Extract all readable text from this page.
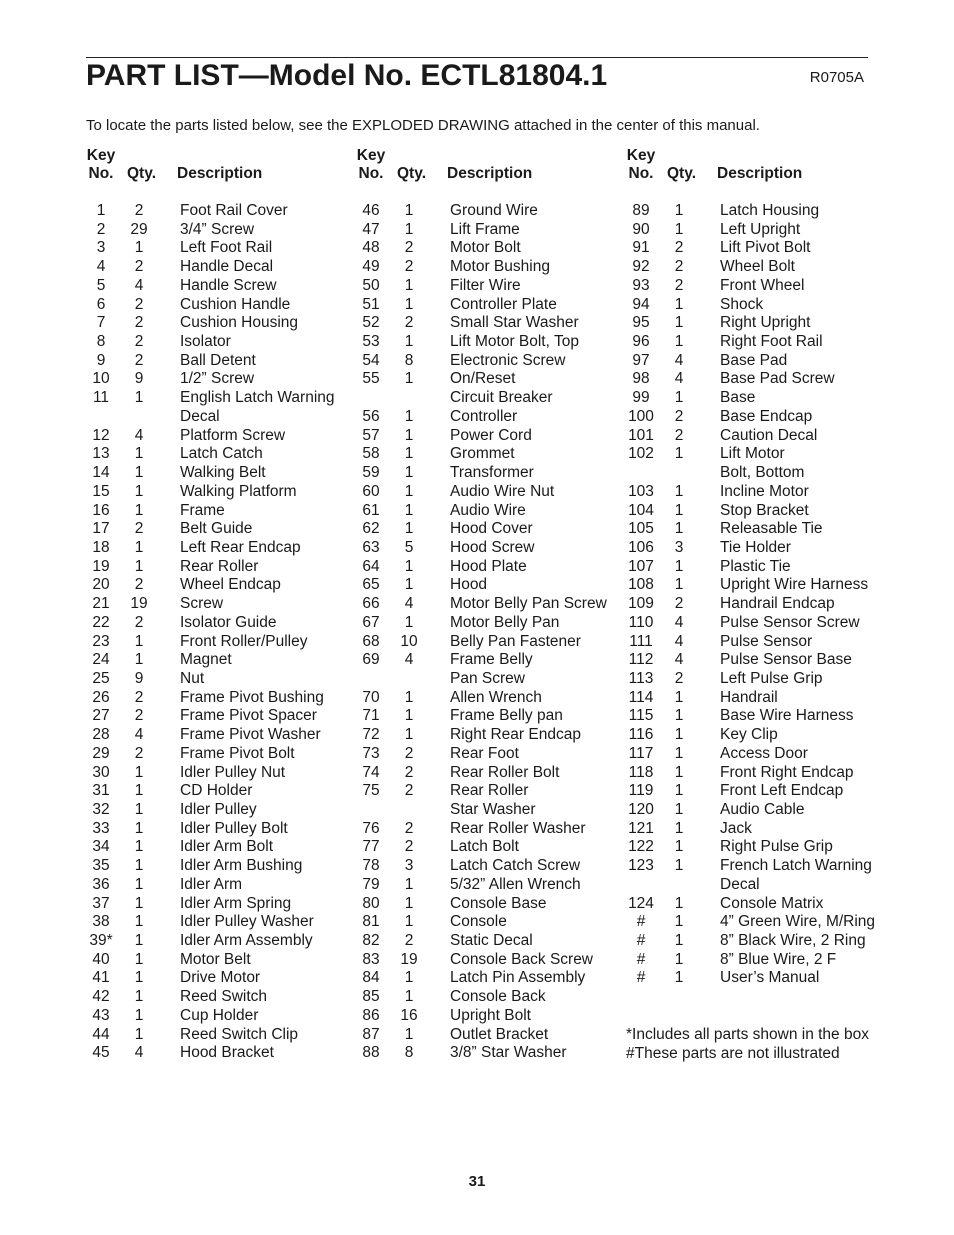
PART LIST—Model No. ECTL81804.1	R0705A
To locate the parts listed below, see the EXPLODED DRAWING attached in the center of this manual.
Key
No. Qty. Description
1	2	Foot Rail Cover
2	29	3/4” Screw
3	1	Left Foot Rail
4	2	Handle Decal
5	4	Handle Screw
6	2	Cushion Handle
7	2	Cushion Housing
8	2	Isolator
9	2	Ball Detent
10	9	1/2” Screw
11	1	English Latch Warning
Decal
12	4	Platform Screw
13	1	Latch Catch
14	1	Walking Belt
15	1	Walking Platform
16	1	Frame
17	2	Belt Guide
18	1	Left Rear Endcap
19	1	Rear Roller
20	2	Wheel Endcap
21	19	Screw
22	2	Isolator Guide
23	1	Front Roller/Pulley
24	1	Magnet
25	9	Nut
26	2	Frame Pivot Bushing
27	2	Frame Pivot Spacer
28	4	Frame Pivot Washer
29	2	Frame Pivot Bolt
30	1	Idler Pulley Nut
31	1	CD Holder
32	1	Idler Pulley
33	1	Idler Pulley Bolt
34	1	Idler Arm Bolt
35	1	Idler Arm Bushing
36	1	Idler Arm
37	1	Idler Arm Spring
38	1	Idler Pulley Washer
39*	1	Idler Arm Assembly
40	1	Motor Belt
41	1	Drive Motor
42	1	Reed Switch
43	1	Cup Holder
44	1	Reed Switch Clip
45	4	Hood Bracket
Key
No. Qty. Description
46	1	Ground Wire
47	1	Lift Frame
48	2	Motor Bolt
49	2	Motor Bushing
50	1	Filter Wire
51	1	Controller Plate
52	2	Small Star Washer
53	1	Lift Motor Bolt, Top
54	8	Electronic Screw
55	1	On/Reset
Circuit Breaker
56	1	Controller
57	1	Power Cord
58	1	Grommet
59	1	Transformer
60	1	Audio Wire Nut
61	1	Audio Wire
62	1	Hood Cover
63	5	Hood Screw
64	1	Hood Plate
65	1	Hood
66	4	Motor Belly Pan Screw
67	1	Motor Belly Pan
68	10	Belly Pan Fastener
69	4	Frame Belly
Pan Screw
70	1	Allen Wrench
71	1	Frame Belly pan
72	1	Right Rear Endcap
73	2	Rear Foot
74	2	Rear Roller Bolt
75	2	Rear Roller
Star Washer
76	2	Rear Roller Washer
77	2	Latch Bolt
78	3	Latch Catch Screw
79	1	5/32” Allen Wrench
80	1	Console Base
81	1	Console
82	2	Static Decal
83	19	Console Back Screw
84	1	Latch Pin Assembly
85	1	Console Back
86	16	Upright Bolt
87	1	Outlet Bracket
88	8	3/8” Star Washer
Key
No. Qty. Description
89	1	Latch Housing
90	1	Left Upright
91	2	Lift Pivot Bolt
92	2	Wheel Bolt
93	2	Front Wheel
94	1	Shock
95	1	Right Upright
96	1	Right Foot Rail
97	4	Base Pad
98	4	Base Pad Screw
99	1	Base
100	2	Base Endcap
101	2	Caution Decal
102	1	Lift Motor
Bolt, Bottom
103	1	Incline Motor
104	1	Stop Bracket
105	1	Releasable Tie
106	3	Tie Holder
107	1	Plastic Tie
108	1	Upright Wire Harness
109	2	Handrail Endcap
110	4	Pulse Sensor Screw
111	4	Pulse Sensor
112	4	Pulse Sensor Base
113	2	Left Pulse Grip
114	1	Handrail
115	1	Base Wire Harness
116	1	Key Clip
117	1	Access Door
118	1	Front Right Endcap
119	1	Front Left Endcap
120	1	Audio Cable
121	1	Jack
122	1	Right Pulse Grip
123	1	French Latch Warning
Decal
124	1	Console Matrix
#	1	4” Green Wire, M/Ring
#	1	8” Black Wire, 2 Ring
#	1	8” Blue Wire, 2 F
#	1	User’s Manual
*Includes all parts shown in the box
#These parts are not illustrated
31
